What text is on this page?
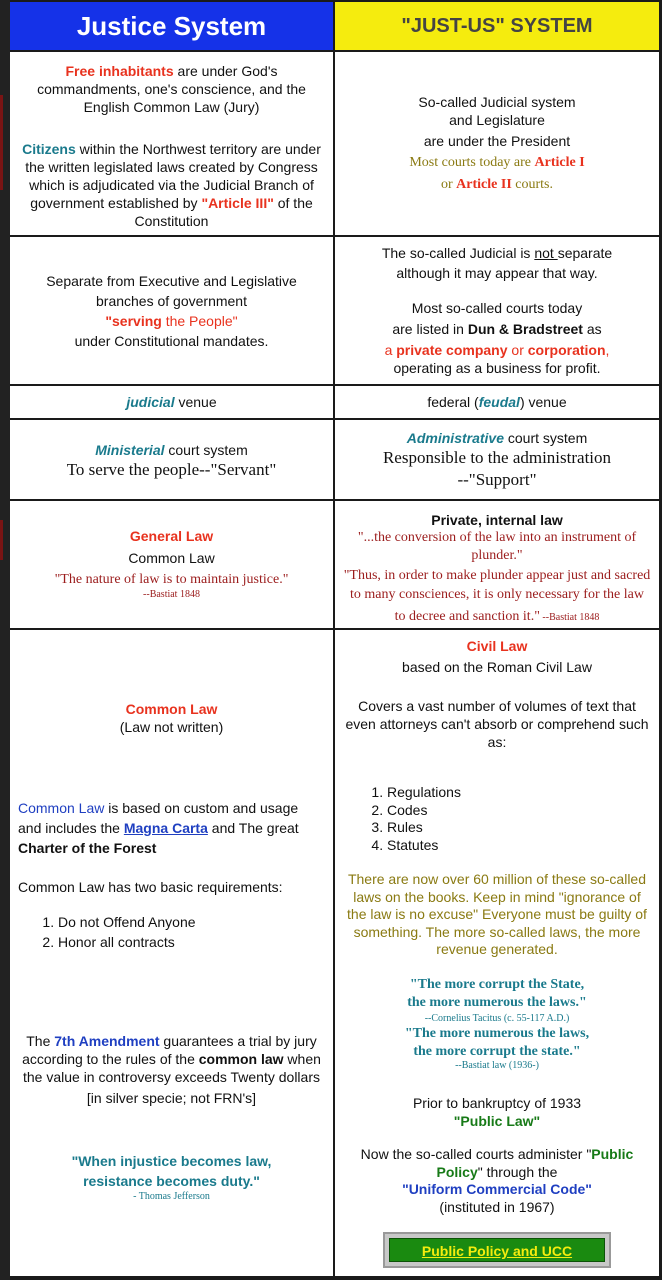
Justice System	"JUST-US" SYSTEM
Free inhabitants are under God's
commandments, one's conscience, and the
English Common Law (Jury)
Citizens within the Northwest territory are under
the written legislated laws created by Congress
which is adjudicated via the Judicial Branch of
government established by "Article III" of the
Constitution
So-called Judicial system
and Legislature
are under the President
Most courts today are Article I
or Article II courts.
Separate from Executive and Legislative
branches of government
"serving the People"
under Constitutional mandates.
The so-called Judicial is not separate
although it may appear that way.
Most so-called courts today
are listed in Dun & Bradstreet as
a private company or corporation,
operating as a business for profit.
judicial venue	federal (feudal) venue
Ministerial court system
To serve the people--"Servant"
Administrative court system
Responsible to the administration
--"Support"
General Law
Common Law
"The nature of law is to maintain justice."
--Bastiat 1848
Private, internal law
"...the conversion of the law into an instrument of
plunder."
"Thus, in order to make plunder appear just and sacred
to many consciences, it is only necessary for the law
to decree and sanction it." --Bastiat 1848
Common Law
(Law not written)
Common Law is based on custom and usage
and includes the Magna Carta and The great
Charter of the Forest
Common Law has two basic requirements:
1. Do not Offend Anyone
2. Honor all contracts
The 7th Amendment guarantees a trial by jury
according to the rules of the common law when
the value in controversy exceeds Twenty dollars
[in silver specie; not FRN's]
"When injustice becomes law,
resistance becomes duty."
- Thomas Jefferson
Civil Law
based on the Roman Civil Law
Covers a vast number of volumes of text that
even attorneys can't absorb or comprehend such
as:
1. Regulations
2. Codes
3. Rules
4. Statutes
There are now over 60 million of these so-called
laws on the books. Keep in mind "ignorance of
the law is no excuse" Everyone must be guilty of
something. The more so-called laws, the more
revenue generated.
"The more corrupt the State,
the more numerous the laws."
--Cornelius Tacitus (c. 55-117 A.D.)
"The more numerous the laws,
the more corrupt the state."
--Bastiat law (1936-)
Prior to bankruptcy of 1933
"Public Law"
Now the so-called courts administer "Public
Policy" through the
"Uniform Commercial Code"
(instituted in 1967)
Public Policy and UCC
